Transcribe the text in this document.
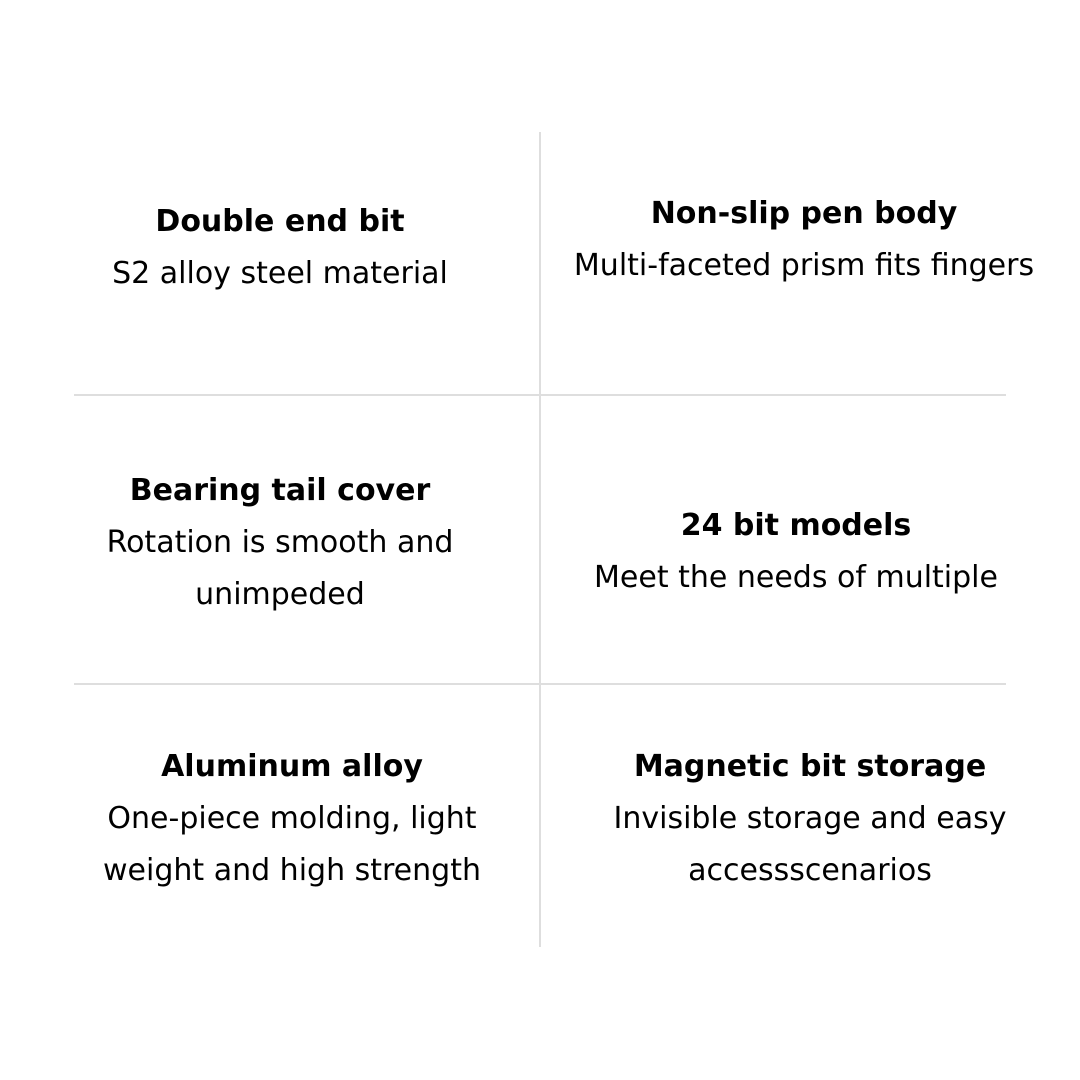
Double end bit
S2 alloy steel material
Non-slip pen body
Multi-faceted prism fits fingers
Bearing tail cover
Rotation is smooth and
unimpeded
24 bit models
Meet the needs of multiple
Aluminum alloy
One-piece molding, light
weight and high strength
Magnetic bit storage
Invisible storage and easy
accessscenarios
